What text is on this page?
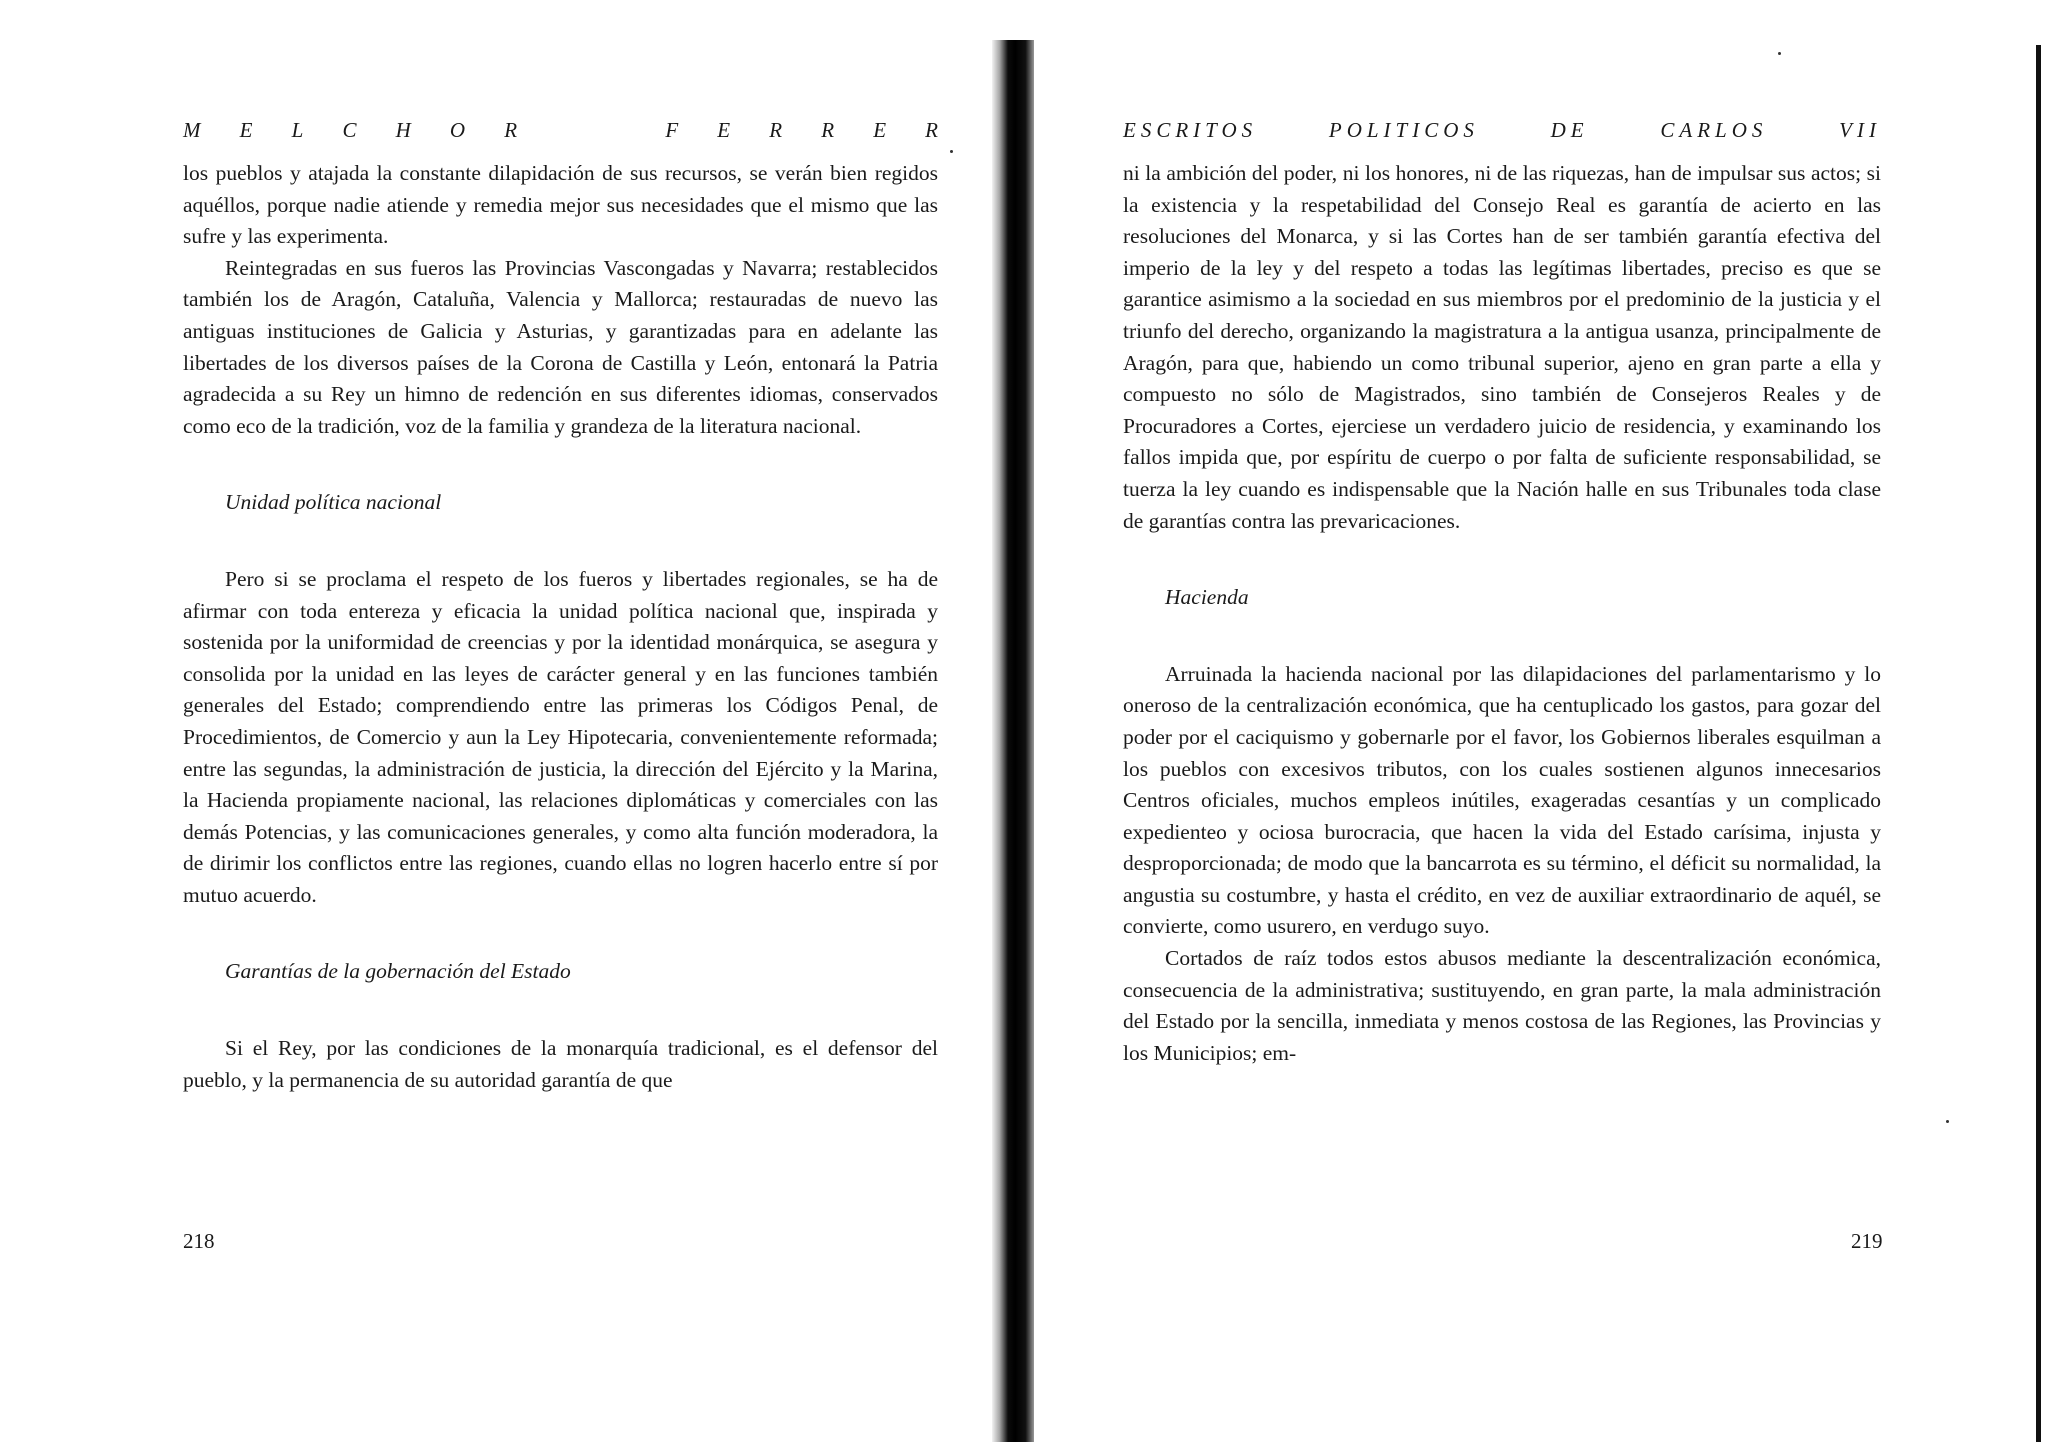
M E L C H O R	F E R R E R

los pueblos y atajada la constante dilapidación de sus recursos, se verán bien regidos aquéllos, porque nadie atiende y remedia mejor sus necesidades que el mismo que las sufre y las experimenta.

Reintegradas en sus fueros las Provincias Vascongadas y Navarra; restablecidos también los de Aragón, Cataluña, Valencia y Mallorca; restauradas de nuevo las antiguas instituciones de Galicia y Asturias, y garantizadas para en adelante las libertades de los diversos países de la Corona de Castilla y León, entonará la Patria agradecida a su Rey un himno de redención en sus diferentes idiomas, conservados como eco de la tradición, voz de la familia y grandeza de la literatura nacional.

Unidad política nacional

Pero si se proclama el respeto de los fueros y libertades regionales, se ha de afirmar con toda entereza y eficacia la unidad política nacional que, inspirada y sostenida por la uniformidad de creencias y por la identidad monárquica, se asegura y consolida por la unidad en las leyes de carácter general y en las funciones también generales del Estado; comprendiendo entre las primeras los Códigos Penal, de Procedimientos, de Comercio y aun la Ley Hipotecaria, convenientemente reformada; entre las segundas, la administración de justicia, la dirección del Ejército y la Marina, la Hacienda propiamente nacional, las relaciones diplomáticas y comerciales con las demás Potencias, y las comunicaciones generales, y como alta función moderadora, la de dirimir los conflictos entre las regiones, cuando ellas no logren hacerlo entre sí por mutuo acuerdo.

Garantías de la gobernación del Estado

Si el Rey, por las condiciones de la monarquía tradicional, es el defensor del pueblo, y la permanencia de su autoridad garantía de que

218
ESCRITOS	POLITICOS	DE	CARLOS	VII

ni la ambición del poder, ni los honores, ni de las riquezas, han de impulsar sus actos; si la existencia y la respetabilidad del Consejo Real es garantía de acierto en las resoluciones del Monarca, y si las Cortes han de ser también garantía efectiva del imperio de la ley y del respeto a todas las legítimas libertades, preciso es que se garantice asimismo a la sociedad en sus miembros por el predominio de la justicia y el triunfo del derecho, organizando la magistratura a la antigua usanza, principalmente de Aragón, para que, habiendo un como tribunal superior, ajeno en gran parte a ella y compuesto no sólo de Magistrados, sino también de Consejeros Reales y de Procuradores a Cortes, ejerciese un verdadero juicio de residencia, y examinando los fallos impida que, por espíritu de cuerpo o por falta de suficiente responsabilidad, se tuerza la ley cuando es indispensable que la Nación halle en sus Tribunales toda clase de garantías contra las prevaricaciones.

Hacienda

Arruinada la hacienda nacional por las dilapidaciones del parlamentarismo y lo oneroso de la centralización económica, que ha centuplicado los gastos, para gozar del poder por el caciquismo y gobernarle por el favor, los Gobiernos liberales esquilman a los pueblos con excesivos tributos, con los cuales sostienen algunos innecesarios Centros oficiales, muchos empleos inútiles, exageradas cesantías y un complicado expedienteo y ociosa burocracia, que hacen la vida del Estado carísima, injusta y desproporcionada; de modo que la bancarrota es su término, el déficit su normalidad, la angustia su costumbre, y hasta el crédito, en vez de auxiliar extraordinario de aquél, se convierte, como usurero, en verdugo suyo.

Cortados de raíz todos estos abusos mediante la descentralización económica, consecuencia de la administrativa; sustituyendo, en gran parte, la mala administración del Estado por la sencilla, inmediata y menos costosa de las Regiones, las Provincias y los Municipios; em-

219
